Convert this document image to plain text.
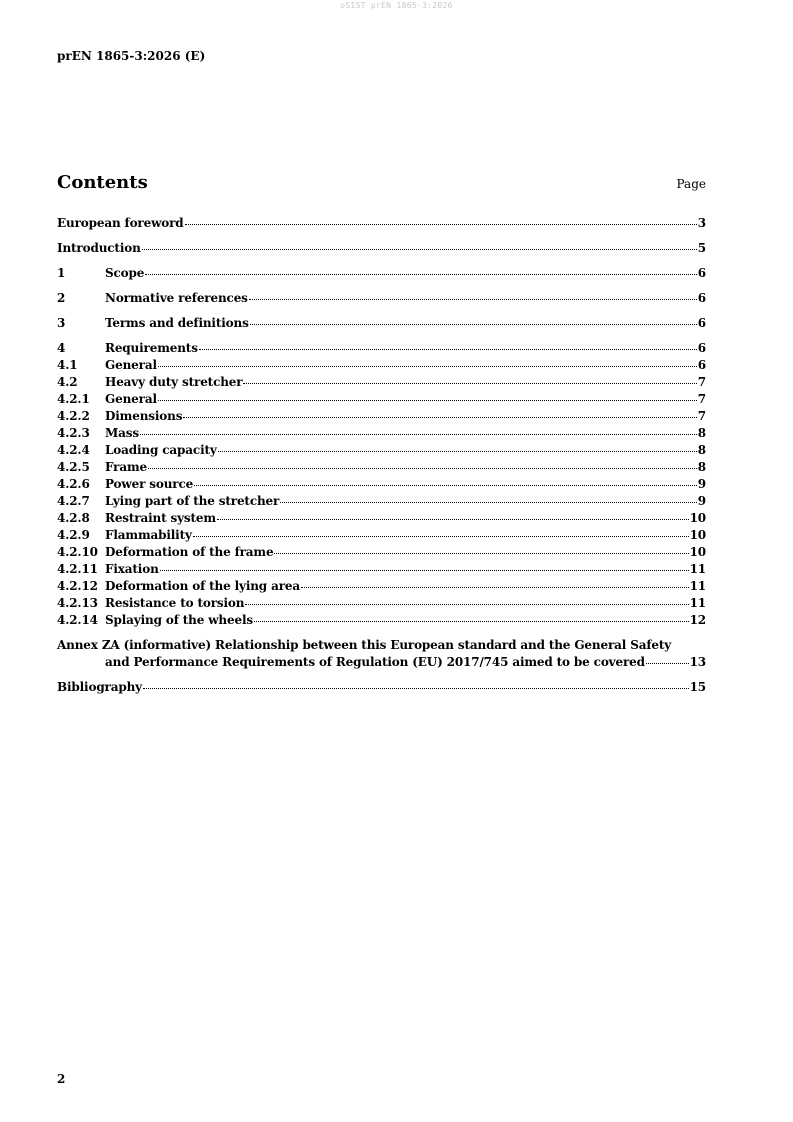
oSIST prEN 1865-3:2026
prEN 1865-3:2026 (E)
Contents	Page
European foreword	3
Introduction	5
1	Scope	6
2	Normative references	6
3	Terms and definitions	6
4	Requirements	6
4.1	General	6
4.2	Heavy duty stretcher	7
4.2.1	General	7
4.2.2	Dimensions	7
4.2.3	Mass	8
4.2.4	Loading capacity	8
4.2.5	Frame	8
4.2.6	Power source	9
4.2.7	Lying part of the stretcher	9
4.2.8	Restraint system	10
4.2.9	Flammability	10
4.2.10 Deformation of the frame	10
4.2.11 Fixation	11
4.2.12 Deformation of the lying area	11
4.2.13 Resistance to torsion	11
4.2.14 Splaying of the wheels	12
Annex ZA (informative) Relationship between this European standard and the General Safety
and Performance Requirements of Regulation (EU) 2017/745 aimed to be covered	13
Bibliography	15
2
